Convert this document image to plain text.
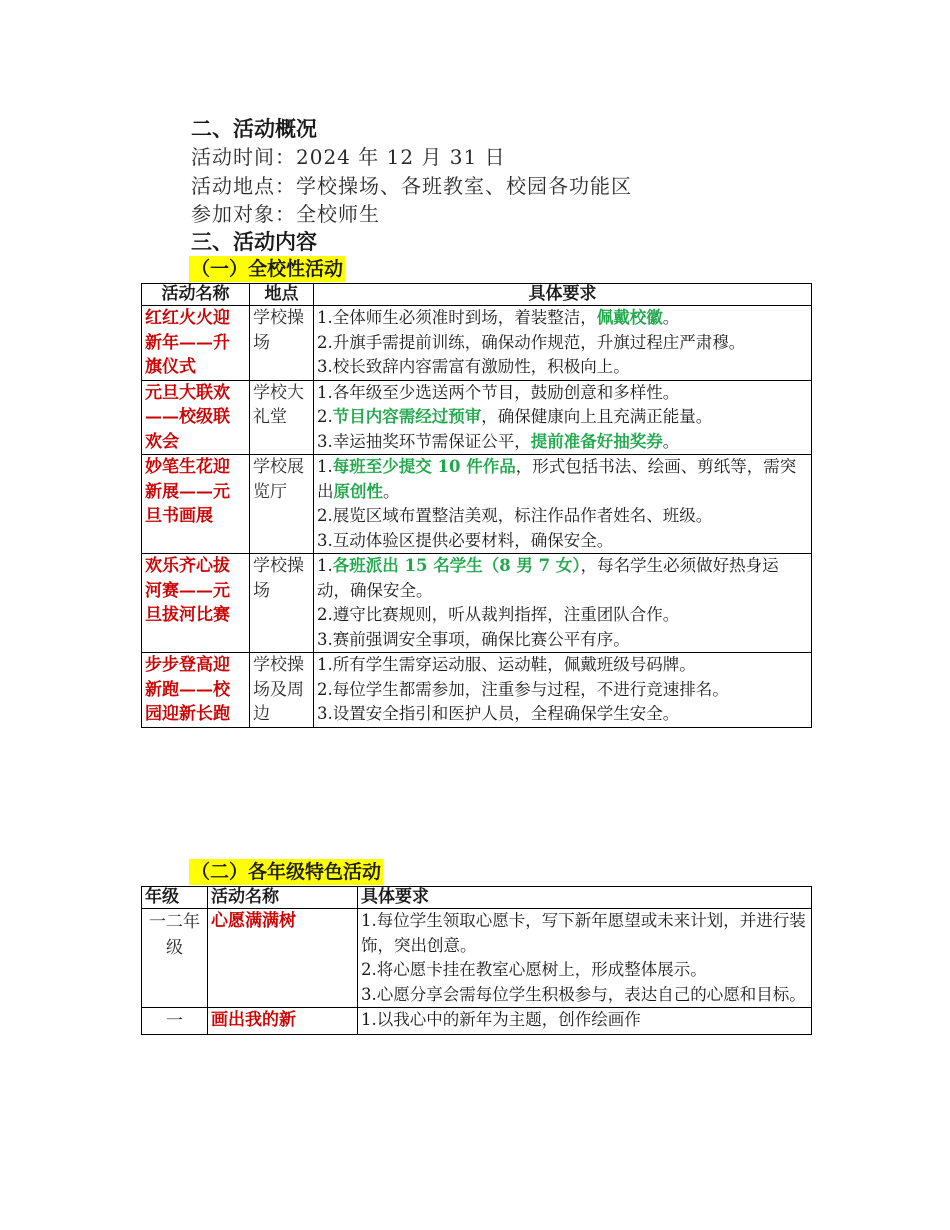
二、活动概况
活动时间：2024 年 12 月 31 日
活动地点：学校操场、各班教室、校园各功能区
参加对象：全校师生
三、活动内容
（一）全校性活动
活动名称	地点	具体要求
红红火火迎新年——升旗仪式	学校操场	1.全体师生必须准时到场，着装整洁，佩戴校徽。

2.升旗手需提前训练，确保动作规范，升旗过程庄严肃穆。

3.校长致辞内容需富有激励性，积极向上。

元旦大联欢——校级联欢会	学校大礼堂	1.各年级至少选送两个节目，鼓励创意和多样性。

2.节目内容需经过预审，确保健康向上且充满正能量。

3.幸运抽奖环节需保证公平，提前准备好抽奖券。

妙笔生花迎新展——元旦书画展	学校展览厅	1.每班至少提交 10 件作品，形式包括书法、绘画、剪纸等，需突出原创性。

2.展览区域布置整洁美观，标注作品作者姓名、班级。

3.互动体验区提供必要材料，确保安全。

欢乐齐心拔河赛——元旦拔河比赛	学校操场	1.各班派出 15 名学生（8 男 7 女），每名学生必须做好热身运动，确保安全。

2.遵守比赛规则，听从裁判指挥，注重团队合作。

3.赛前强调安全事项，确保比赛公平有序。

步步登高迎新跑——校园迎新长跑	学校操场及周边	1.所有学生需穿运动服、运动鞋，佩戴班级号码牌。

2.每位学生都需参加，注重参与过程，不进行竞速排名。

3.设置安全指引和医护人员，全程确保学生安全。

（二）各年级特色活动
年级	活动名称	具体要求
一二年级	心愿满满树	1.每位学生领取心愿卡，写下新年愿望或未来计划，并进行装饰，突出创意。

2.将心愿卡挂在教室心愿树上，形成整体展示。

3.心愿分享会需每位学生积极参与，表达自己的心愿和目标。

一	画出我的新	1.以我心中的新年为主题，创作绘画作
